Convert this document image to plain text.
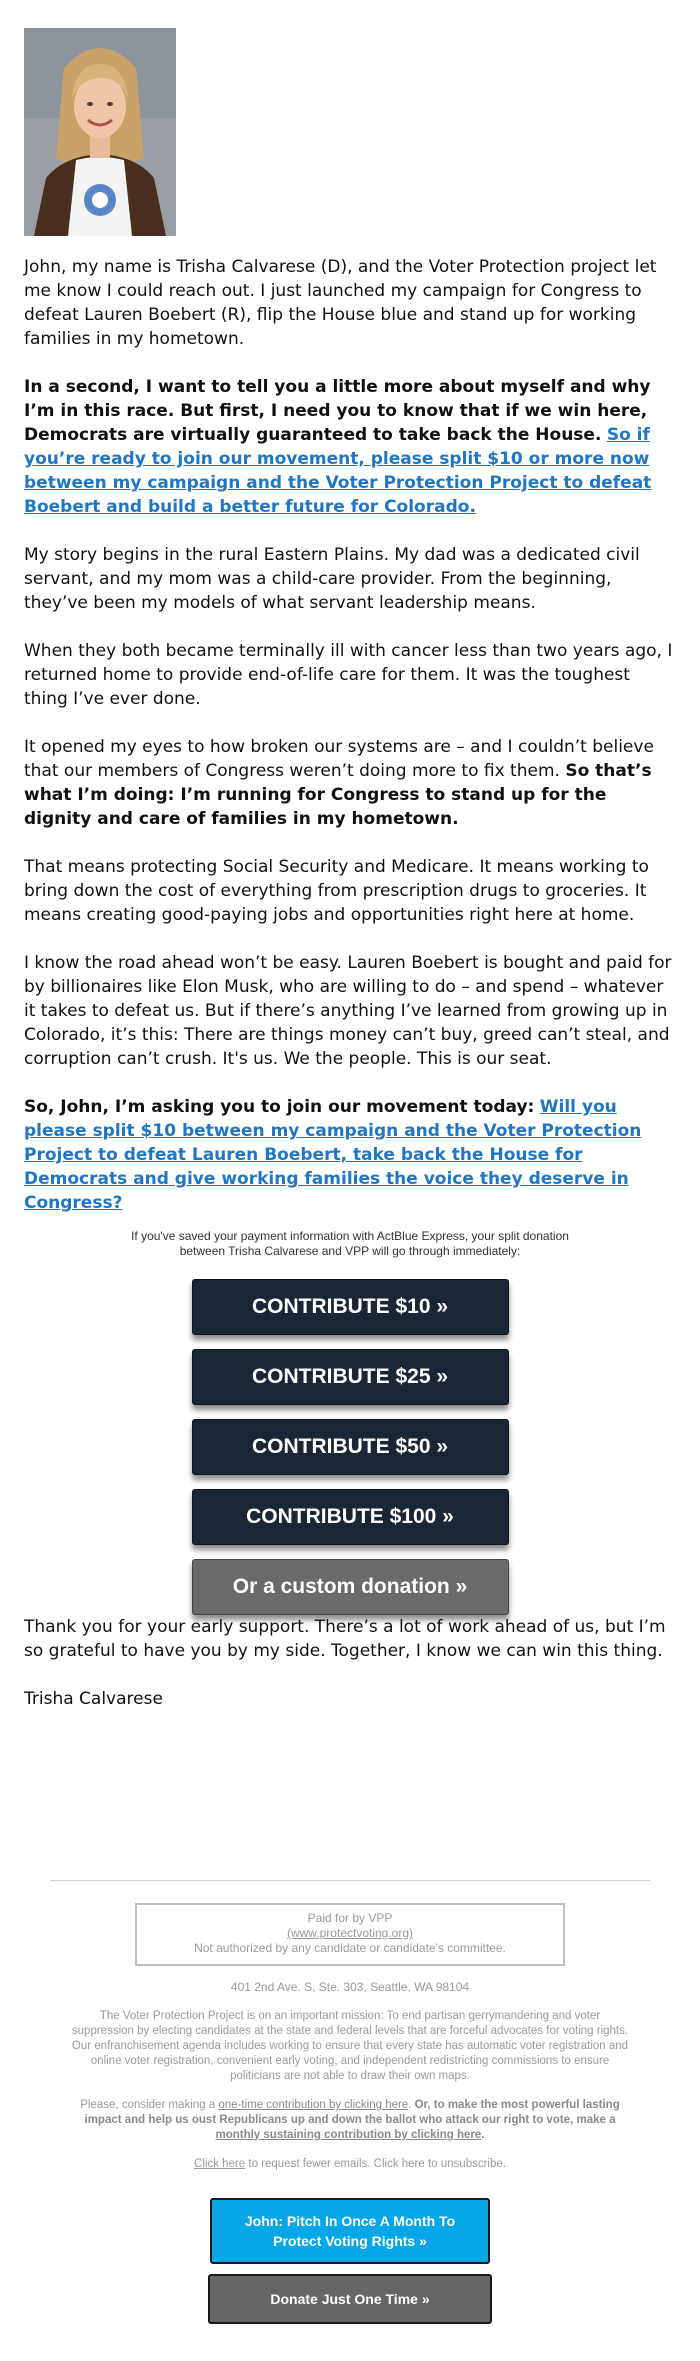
John, my name is Trisha Calvarese (D), and the Voter Protection project let me know I could reach out. I just launched my campaign for Congress to defeat Lauren Boebert (R), flip the House blue and stand up for working families in my hometown.

In a second, I want to tell you a little more about myself and why I’m in this race. But first, I need you to know that if we win here, Democrats are virtually guaranteed to take back the House. So if you’re ready to join our movement, please split $10 or more now between my campaign and the Voter Protection Project to defeat Boebert and build a better future for Colorado.

My story begins in the rural Eastern Plains. My dad was a dedicated civil servant, and my mom was a child-care provider. From the beginning, they’ve been my models of what servant leadership means.

When they both became terminally ill with cancer less than two years ago, I returned home to provide end-of-life care for them. It was the toughest thing I’ve ever done.

It opened my eyes to how broken our systems are – and I couldn’t believe that our members of Congress weren’t doing more to fix them. So that’s what I’m doing: I’m running for Congress to stand up for the dignity and care of families in my hometown.

That means protecting Social Security and Medicare. It means working to bring down the cost of everything from prescription drugs to groceries. It means creating good-paying jobs and opportunities right here at home.

I know the road ahead won’t be easy. Lauren Boebert is bought and paid for by billionaires like Elon Musk, who are willing to do – and spend – whatever it takes to defeat us. But if there’s anything I’ve learned from growing up in Colorado, it’s this: There are things money can’t buy, greed can’t steal, and corruption can’t crush. It's us. We the people. This is our seat.

So, John, I’m asking you to join our movement today: Will you please split $10 between my campaign and the Voter Protection Project to defeat Lauren Boebert, take back the House for Democrats and give working families the voice they deserve in Congress?

If you've saved your payment information with ActBlue Express, your split donation between Trisha Calvarese and VPP will go through immediately:
CONTRIBUTE $10 »
CONTRIBUTE $25 »
CONTRIBUTE $50 »
CONTRIBUTE $100 »
Or a custom donation »

Thank you for your early support. There’s a lot of work ahead of us, but I’m so grateful to have you by my side. Together, I know we can win this thing.

Trisha Calvarese

Paid for by VPP
(www.protectvoting.org)
Not authorized by any candidate or candidate's committee.
401 2nd Ave. S, Ste. 303, Seattle, WA 98104
The Voter Protection Project is on an important mission: To end partisan gerrymandering and voter suppression by electing candidates at the state and federal levels that are forceful advocates for voting rights. Our enfranchisement agenda includes working to ensure that every state has automatic voter registration and online voter registration, convenient early voting, and independent redistricting commissions to ensure politicians are not able to draw their own maps.
Please, consider making a one-time contribution by clicking here. Or, to make the most powerful lasting impact and help us oust Republicans up and down the ballot who attack our right to vote, make a monthly sustaining contribution by clicking here.
Click here to request fewer emails. Click here to unsubscribe.
John: Pitch In Once A Month To Protect Voting Rights »
Donate Just One Time »
